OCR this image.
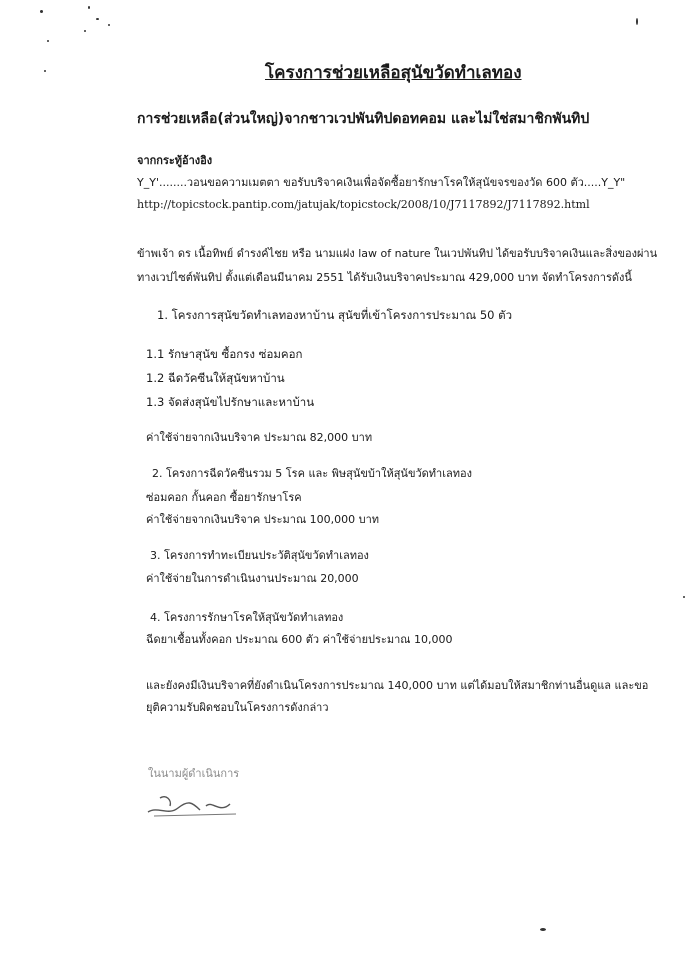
โครงการช่วยเหลือสุนัขวัดทำเลทอง
การช่วยเหลือ(ส่วนใหญ่)จากชาวเวปพันทิปดอทคอม และไม่ใช่สมาชิกพันทิป
จากกระทู้อ้างอิง
Y_Y'........วอนขอความเมตตา ขอรับบริจาคเงินเพื่อจัดซื้อยารักษาโรคให้สุนัขจรของวัด 600 ตัว.....Y_Y"
http://topicstock.pantip.com/jatujak/topicstock/2008/10/J7117892/J7117892.html
ข้าพเจ้า ดร เนื้อทิพย์ ดำรงค์ไชย หรือ นามแฝง law of nature ในเวปพันทิป ได้ขอรับบริจาคเงินและสิ่งของผ่าน
ทางเวปไซต์พันทิป ตั้งแต่เดือนมีนาคม 2551 ได้รับเงินบริจาคประมาณ 429,000 บาท จัดทำโครงการดังนี้
1. โครงการสุนัขวัดทำเลทองหาบ้าน สุนัขที่เข้าโครงการประมาณ 50 ตัว
1.1 รักษาสุนัข ซื้อกรง ซ่อมคอก
1.2 ฉีดวัคซีนให้สุนัขหาบ้าน
1.3 จัดส่งสุนัขไปรักษาและหาบ้าน
ค่าใช้จ่ายจากเงินบริจาค ประมาณ 82,000 บาท
2. โครงการฉีดวัคซีนรวม 5 โรค และ พิษสุนัขบ้าให้สุนัขวัดทำเลทอง
ซ่อมคอก กั้นคอก ซื้อยารักษาโรค
ค่าใช้จ่ายจากเงินบริจาค ประมาณ 100,000 บาท
3. โครงการทำทะเบียนประวัติสุนัขวัดทำเลทอง
ค่าใช้จ่ายในการดำเนินงานประมาณ 20,000
4. โครงการรักษาโรคให้สุนัขวัดทำเลทอง
ฉีดยาเชื้อนทั้งคอก ประมาณ 600 ตัว ค่าใช้จ่ายประมาณ 10,000
และยังคงมีเงินบริจาคที่ยังดำเนินโครงการประมาณ 140,000 บาท แต่ได้มอบให้สมาชิกท่านอื่นดูแล และขอ
ยุติความรับผิดชอบในโครงการดังกล่าว
ในนามผู้ดำเนินการ
